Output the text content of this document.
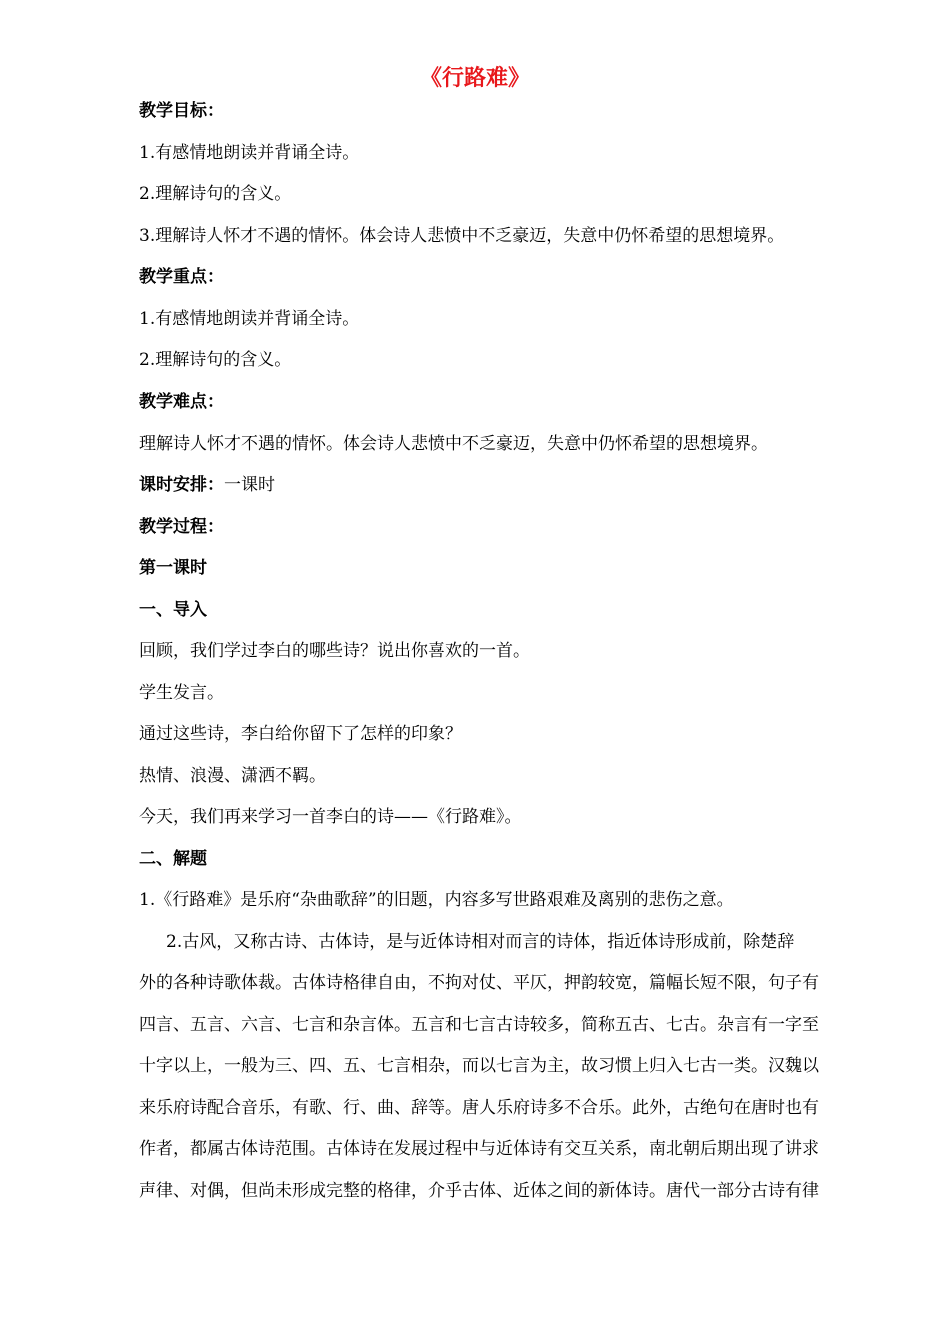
《行路难》
教学目标：
1.有感情地朗读并背诵全诗。
2.理解诗句的含义。
3.理解诗人怀才不遇的情怀。体会诗人悲愤中不乏豪迈，失意中仍怀希望的思想境界。
教学重点：
1.有感情地朗读并背诵全诗。
2.理解诗句的含义。
教学难点：
理解诗人怀才不遇的情怀。体会诗人悲愤中不乏豪迈，失意中仍怀希望的思想境界。
课时安排：一课时
教学过程：
第一课时
一、导入
回顾，我们学过李白的哪些诗？说出你喜欢的一首。
学生发言。
通过这些诗，李白给你留下了怎样的印象？
热情、浪漫、潇洒不羁。
今天，我们再来学习一首李白的诗——《行路难》。
二、解题
1.《行路难》是乐府“杂曲歌辞”的旧题，内容多写世路艰难及离别的悲伤之意。
2.古风，又称古诗、古体诗，是与近体诗相对而言的诗体，指近体诗形成前，除楚辞
外的各种诗歌体裁。古体诗格律自由，不拘对仗、平仄，押韵较宽，篇幅长短不限，句子有
四言、五言、六言、七言和杂言体。五言和七言古诗较多，简称五古、七古。杂言有一字至
十字以上，一般为三、四、五、七言相杂，而以七言为主，故习惯上归入七古一类。汉魏以
来乐府诗配合音乐，有歌、行、曲、辞等。唐人乐府诗多不合乐。此外，古绝句在唐时也有
作者，都属古体诗范围。古体诗在发展过程中与近体诗有交互关系，南北朝后期出现了讲求
声律、对偶，但尚未形成完整的格律，介乎古体、近体之间的新体诗。唐代一部分古诗有律
